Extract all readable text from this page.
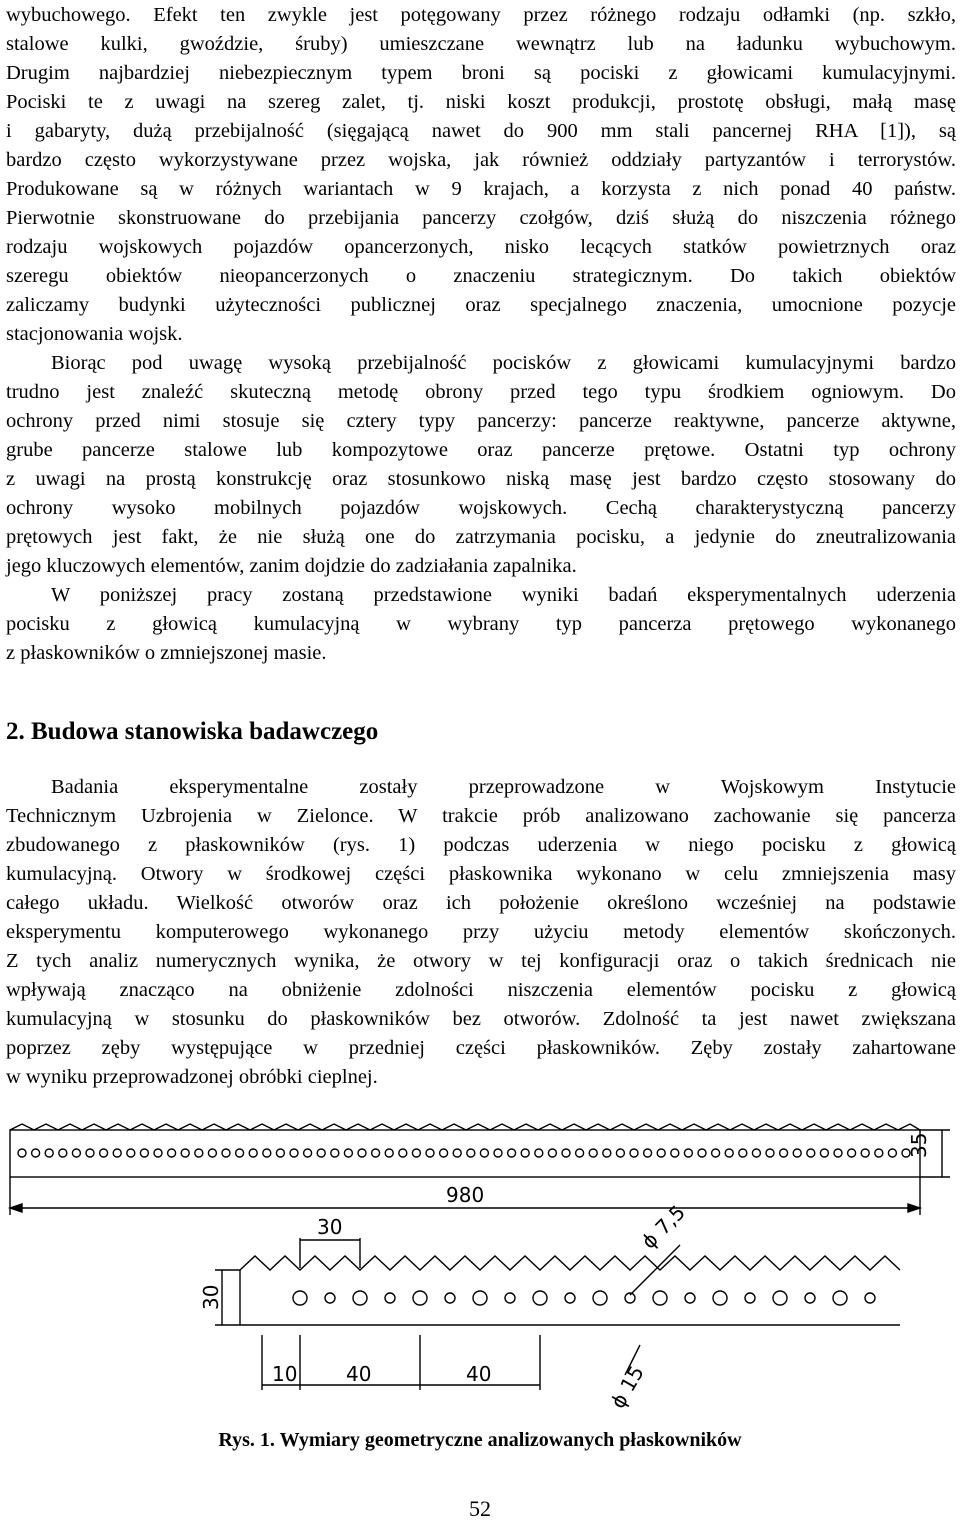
wybuchowego. Efekt ten zwykle jest potęgowany przez różnego rodzaju odłamki (np. szkło,
stalowe kulki, gwoździe, śruby) umieszczane wewnątrz lub na ładunku wybuchowym.
Drugim najbardziej niebezpiecznym typem broni są pociski z głowicami kumulacyjnymi.
Pociski te z uwagi na szereg zalet, tj. niski koszt produkcji, prostotę obsługi, małą masę
i gabaryty, dużą przebijalność (sięgającą nawet do 900 mm stali pancernej RHA [1]), są
bardzo często wykorzystywane przez wojska, jak również oddziały partyzantów i terrorystów.
Produkowane są w różnych wariantach w 9 krajach, a korzysta z nich ponad 40 państw.
Pierwotnie skonstruowane do przebijania pancerzy czołgów, dziś służą do niszczenia różnego
rodzaju wojskowych pojazdów opancerzonych, nisko lecących statków powietrznych oraz
szeregu obiektów nieopancerzonych o znaczeniu strategicznym. Do takich obiektów
zaliczamy budynki użyteczności publicznej oraz specjalnego znaczenia, umocnione pozycje
stacjonowania wojsk.
Biorąc pod uwagę wysoką przebijalność pocisków z głowicami kumulacyjnymi bardzo
trudno jest znaleźć skuteczną metodę obrony przed tego typu środkiem ogniowym. Do
ochrony przed nimi stosuje się cztery typy pancerzy: pancerze reaktywne, pancerze aktywne,
grube pancerze stalowe lub kompozytowe oraz pancerze prętowe. Ostatni typ ochrony
z uwagi na prostą konstrukcję oraz stosunkowo niską masę jest bardzo często stosowany do
ochrony wysoko mobilnych pojazdów wojskowych. Cechą charakterystyczną pancerzy
prętowych jest fakt, że nie służą one do zatrzymania pocisku, a jedynie do zneutralizowania
jego kluczowych elementów, zanim dojdzie do zadziałania zapalnika.
W poniższej pracy zostaną przedstawione wyniki badań eksperymentalnych uderzenia
pocisku z głowicą kumulacyjną w wybrany typ pancerza prętowego wykonanego
z płaskowników o zmniejszonej masie.
2. Budowa stanowiska badawczego
Badania eksperymentalne zostały przeprowadzone w Wojskowym Instytucie
Technicznym Uzbrojenia w Zielonce. W trakcie prób analizowano zachowanie się pancerza
zbudowanego z płaskowników (rys. 1) podczas uderzenia w niego pocisku z głowicą
kumulacyjną. Otwory w środkowej części płaskownika wykonano w celu zmniejszenia masy
całego układu. Wielkość otworów oraz ich położenie określono wcześniej na podstawie
eksperymentu komputerowego wykonanego przy użyciu metody elementów skończonych.
Z tych analiz numerycznych wynika, że otwory w tej konfiguracji oraz o takich średnicach nie
wpływają znacząco na obniżenie zdolności niszczenia elementów pocisku z głowicą
kumulacyjną w stosunku do płaskowników bez otworów. Zdolność ta jest nawet zwiększana
poprzez zęby występujące w przedniej części płaskowników. Zęby zostały zahartowane
w wyniku przeprowadzonej obróbki cieplnej.
35
980
30	ϕ 7,5
30
10 40	40	ϕ 15
Rys. 1. Wymiary geometryczne analizowanych płaskowników
52
